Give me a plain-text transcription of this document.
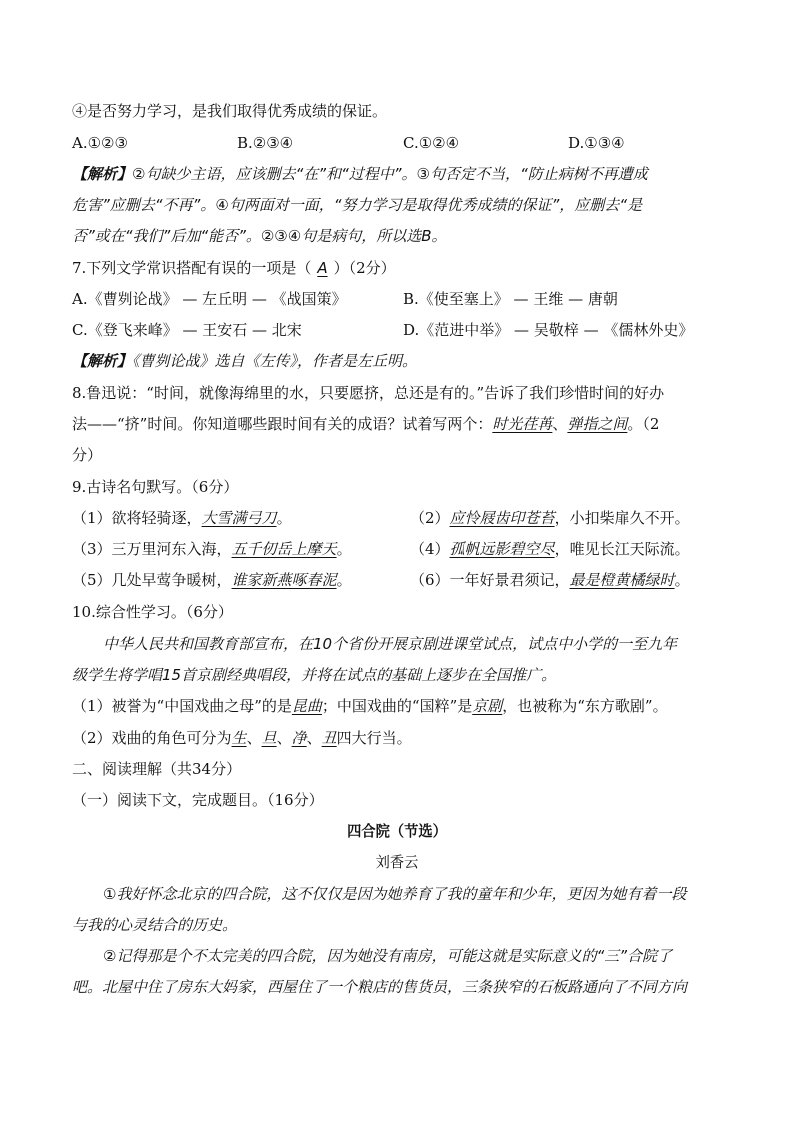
④是否努力学习，是我们取得优秀成绩的保证。
A.①②③	B.②③④	C.①②④	D.①③④
【解析】②句缺少主语，应该删去“在”和“过程中”。③句否定不当，“防止病树不再遭成
危害”应删去“不再”。④句两面对一面，“努力学习是取得优秀成绩的保证”，应删去“是
否”或在“我们”后加“能否”。②③④句是病句，所以选B。
7.下列文学常识搭配有误的一项是（ A ）（2分）
A.《曹刿论战》 — 左丘明 — 《战国策》	B.《使至塞上》 — 王维 — 唐朝
C.《登飞来峰》 — 王安石 — 北宋	D.《范进中举》 — 吴敬梓 — 《儒林外史》
【解析】《曹刿论战》选自《左传》，作者是左丘明。
8.鲁迅说：“时间，就像海绵里的水，只要愿挤，总还是有的。”告诉了我们珍惜时间的好办
法——“挤”时间。你知道哪些跟时间有关的成语？试着写两个：时光荏苒、弹指之间。（2
分）
9.古诗名句默写。（6分）
（1）欲将轻骑逐，大雪满弓刀。	（2）应怜屐齿印苍苔，小扣柴扉久不开。
（3）三万里河东入海，五千仞岳上摩天。	（4）孤帆远影碧空尽，唯见长江天际流。
（5）几处早莺争暖树，谁家新燕啄春泥。	（6）一年好景君须记，最是橙黄橘绿时。
10.综合性学习。（6分）
中华人民共和国教育部宣布，在10个省份开展京剧进课堂试点，试点中小学的一至九年
级学生将学唱15首京剧经典唱段，并将在试点的基础上逐步在全国推广。
（1）被誉为“中国戏曲之母”的是昆曲；中国戏曲的“国粹”是京剧，也被称为“东方歌剧”。
（2）戏曲的角色可分为生、旦、净、丑四大行当。
二、阅读理解（共34分）
（一）阅读下文，完成题目。（16分）
四合院（节选）
刘香云
①我好怀念北京的四合院，这不仅仅是因为她养育了我的童年和少年，更因为她有着一段
与我的心灵结合的历史。
②记得那是个不太完美的四合院，因为她没有南房，可能这就是实际意义的“三”合院了
吧。北屋中住了房东大妈家，西屋住了一个粮店的售货员，三条狭窄的石板路通向了不同方向
